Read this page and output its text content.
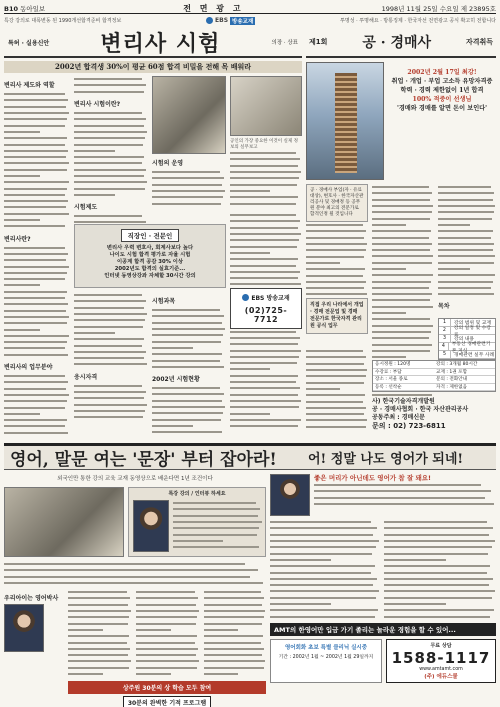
B10 동아일보	전 면 광 고	1998년 11월 25일 수요일 제 23895호
특강 강의로 대폭변동 된 1990개선합격준비 합격정보	EBS 방송교재	투명성 · 투명해요 · 방통징제 · 한국자선 전면광고 공식 확고히 전합니다
특허 · 실용신안 변리사 시험	의장 · 상표
2002년 합격생 30%이 평균 60점 합격 비밀을 전해 목 배워라
변리사 제도와 역할
변리사란?
변리사의 업무분야
변리사 시험이란?
시험제도
시험의 운영
공인의 가장 중요한 이것이 실제 정보의 실무보고
직장인 · 전문인
변리사 우력 변호사, 회계사보다 높다
나이도 시험 합격 평가로 자율 시험
이공계 합격 공감 30% 이상
2002년도 합격의 실효기준...
인터넷 동영상강좌 자체할 30시간 강의
응시자격
시험과목
2002년 시험현황
EBS 방송교재
(02)725-7712
제1회 공 · 경매사	자격취득
2002년 2월 17일 최강!
취업 · 개업 · 부업 고소득 유망자격증
학력 · 경력 제한없이 1년 합격
100% 적중이 선생님
'경매와 경매를 알면 돈이 보인다'
공 · 경매사 부업(자 · 유료대상), 변호사 · 한국자산관리공사 및 경매정 등 공무원 분야 최고의 전문가로 합격인정 될 것입니다
목차
1	강의 범위 및 교재
2	강의 일정 및 수강료
3	강의 내용
4	부동산 경매관련기본 지식
5	경매관련 실무 사례
직접 우리 나라에서 개업 · 경매 전문업 및 경매 전문가로 한국자격 관리원 공식 업무
응시정원 : 120명	강의 : 3개월 80시간
수강료 : 부담	교재 : 1권 포함
장소 : 서울 종로	문의 : 전화안내
등록 : 선착순	자격 : 제한없음
사) 한국기술자격개발원
공 · 경매사협회 · 한국 자산관리공사
공동주최 : 경매신문
문의 : 02) 723-6811
영어, 말문 여는 '문장' 부터 잡아라!	어! 정말 나도 영어가 되네!
외국인만 통한 강의 교육 교재 동영상으로 배운다면 1년 조건이다
특강 강의 / 인터뷰 하세요
우리아이는 영어박사
상주원 30분의 상 학습 모두 참여
30분의 완벽한 기적 프로그램
좋은 머리가 아닌데도 영어가 참 잘 돼요!
AMT의 한영어만 입금 가기 졸리는 놀라운 경험을 할 수 있어...
영어회화 초보 특별 클리닉 실시중
기간 : 2002년 1월 ~ 2002년 1월 29일까지
무료 상담
1588-1117
www.amtamt.com
(주) 에듀스쿨
